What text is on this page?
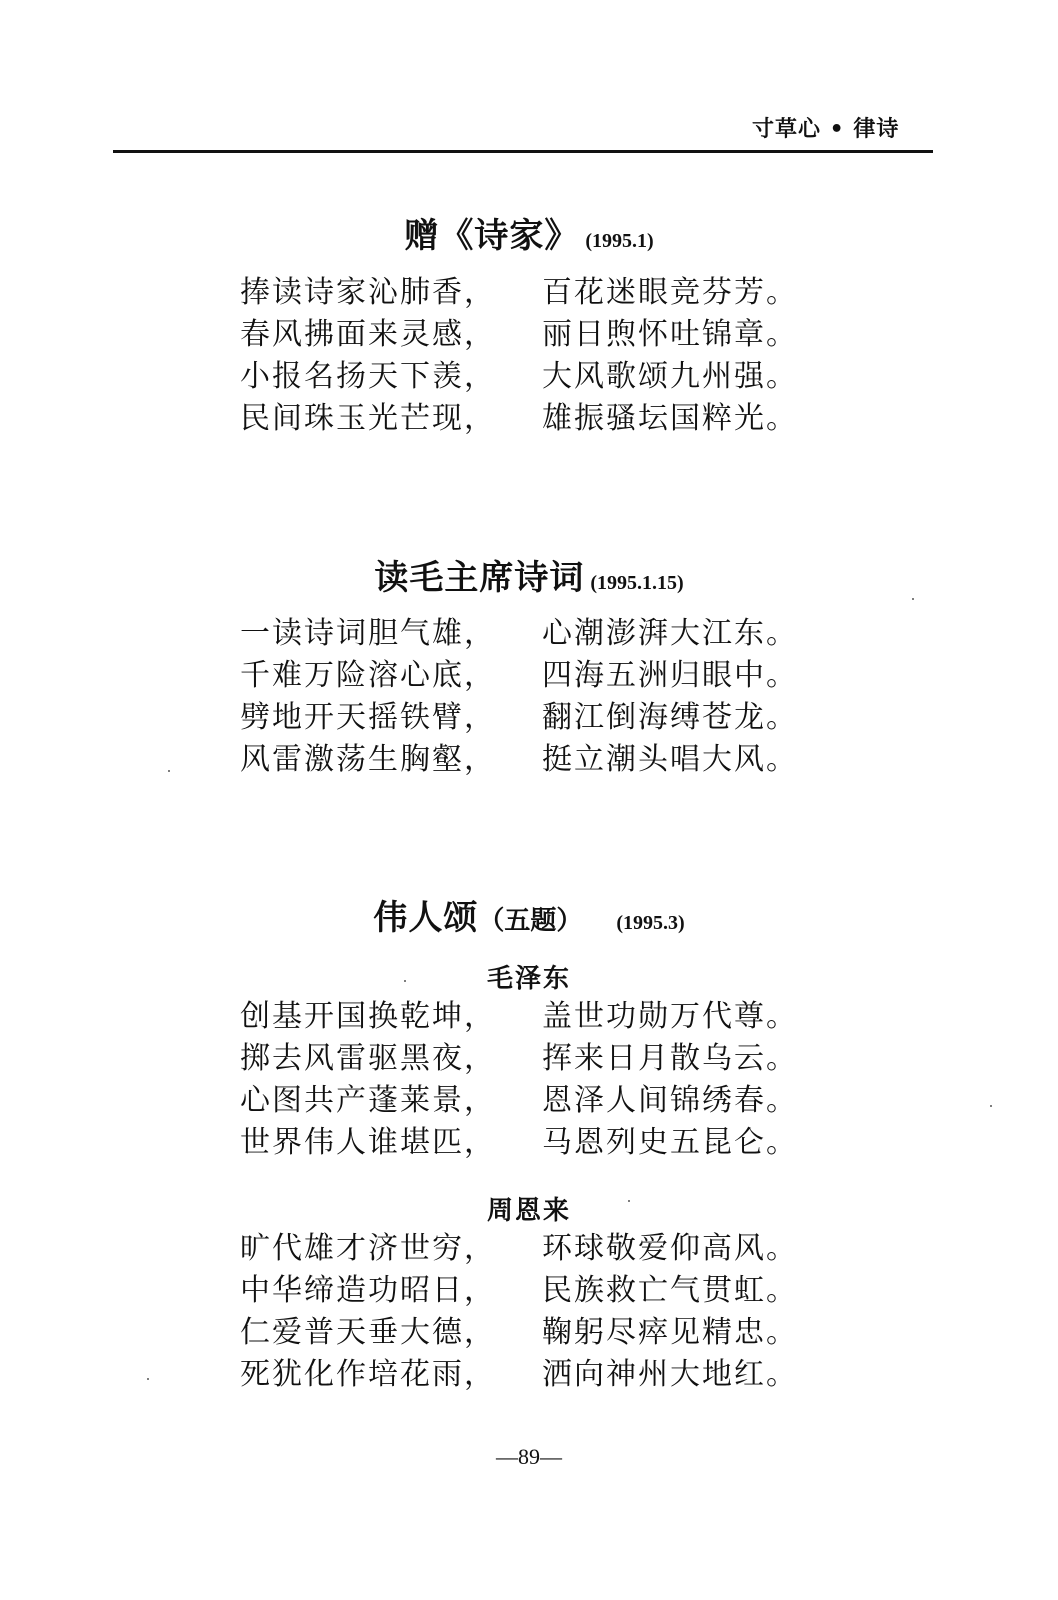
寸草心 • 律诗
赠《诗家》 (1995.1)
捧读诗家沁肺香， 百花迷眼竞芬芳。
春风拂面来灵感， 丽日煦怀吐锦章。
小报名扬天下羡， 大风歌颂九州强。
民间珠玉光芒现， 雄振骚坛国粹光。
读毛主席诗词 (1995.1.15)
一读诗词胆气雄， 心潮澎湃大江东。
千难万险溶心底， 四海五洲归眼中。
劈地开天摇铁臂， 翻江倒海缚苍龙。
风雷激荡生胸壑， 挺立潮头唱大风。
伟人颂（五题） (1995.3)
毛泽东
创基开国换乾坤， 盖世功勋万代尊。
掷去风雷驱黑夜， 挥来日月散乌云。
心图共产蓬莱景， 恩泽人间锦绣春。
世界伟人谁堪匹， 马恩列史五昆仑。
周恩来
旷代雄才济世穷， 环球敬爱仰高风。
中华缔造功昭日， 民族救亡气贯虹。
仁爱普天垂大德， 鞠躬尽瘁见精忠。
死犹化作培花雨， 洒向神州大地红。
—89—
